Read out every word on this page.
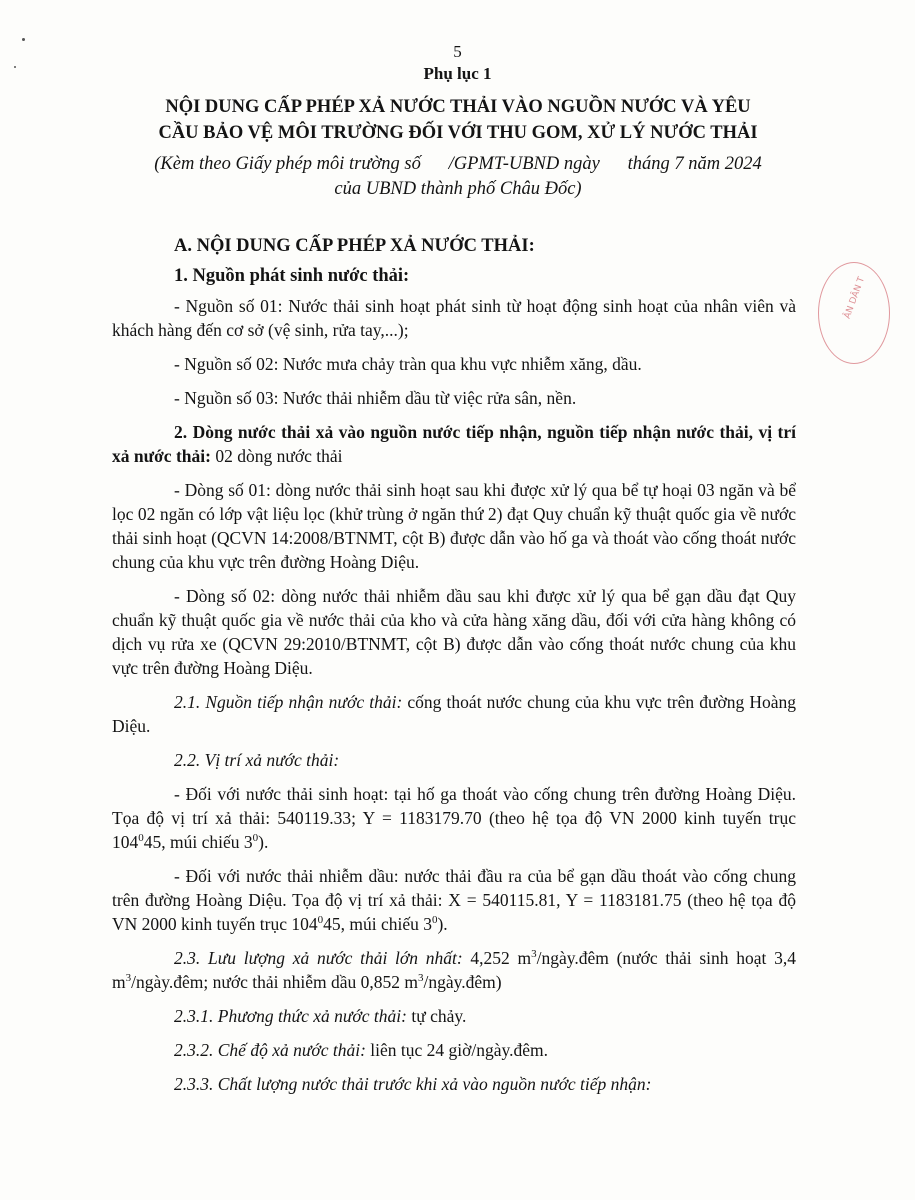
5
Phụ lục 1
NỘI DUNG CẤP PHÉP XẢ NƯỚC THẢI VÀO NGUỒN NƯỚC VÀ YÊU
CẦU BẢO VỆ MÔI TRƯỜNG ĐỐI VỚI THU GOM, XỬ LÝ NƯỚC THẢI
(Kèm theo Giấy phép môi trường số      /GPMT-UBND ngày      tháng 7 năm 2024
của UBND thành phố Châu Đốc)
ÂN DÂN T

A. NỘI DUNG CẤP PHÉP XẢ NƯỚC THẢI:

1. Nguồn phát sinh nước thải:

- Nguồn số 01: Nước thải sinh hoạt phát sinh từ hoạt động sinh hoạt của nhân viên và khách hàng đến cơ sở (vệ sinh, rửa tay,...);

- Nguồn số 02: Nước mưa chảy tràn qua khu vực nhiễm xăng, dầu.

- Nguồn số 03: Nước thải nhiễm dầu từ việc rửa sân, nền.

2. Dòng nước thải xả vào nguồn nước tiếp nhận, nguồn tiếp nhận nước thải, vị trí xả nước thải: 02 dòng nước thải

- Dòng số 01: dòng nước thải sinh hoạt sau khi được xử lý qua bể tự hoại 03 ngăn và bể lọc 02 ngăn có lớp vật liệu lọc (khử trùng ở ngăn thứ 2) đạt Quy chuẩn kỹ thuật quốc gia về nước thải sinh hoạt (QCVN 14:2008/BTNMT, cột B) được dẫn vào hố ga và thoát vào cống thoát nước chung của khu vực trên đường Hoàng Diệu.

- Dòng số 02: dòng nước thải nhiễm dầu sau khi được xử lý qua bể gạn dầu đạt Quy chuẩn kỹ thuật quốc gia về nước thải của kho và cửa hàng xăng dầu, đối với cửa hàng không có dịch vụ rửa xe (QCVN 29:2010/BTNMT, cột B) được dẫn vào cống thoát nước chung của khu vực trên đường Hoàng Diệu.

2.1. Nguồn tiếp nhận nước thải: cống thoát nước chung của khu vực trên đường Hoàng Diệu.

2.2. Vị trí xả nước thải:

- Đối với nước thải sinh hoạt: tại hố ga thoát vào cống chung trên đường Hoàng Diệu. Tọa độ vị trí xả thải: 540119.33; Y = 1183179.70 (theo hệ tọa độ VN 2000 kinh tuyến trục $104^045$, múi chiếu $3^0$).

- Đối với nước thải nhiễm dầu: nước thải đầu ra của bể gạn dầu thoát vào cống chung trên đường Hoàng Diệu. Tọa độ vị trí xả thải: X = 540115.81, Y = 1183181.75 (theo hệ tọa độ VN 2000 kinh tuyến trục $104^045$, múi chiếu $3^0$).

2.3. Lưu lượng xả nước thải lớn nhất: 4,252 $m^3/ngày.đêm$ (nước thải sinh hoạt 3,4 $m^3/ngày.đêm$; nước thải nhiễm dầu 0,852 $m^3/ngày.đêm$)

2.3.1. Phương thức xả nước thải: tự chảy.

2.3.2. Chế độ xả nước thải: liên tục 24 giờ/ngày.đêm.

2.3.3. Chất lượng nước thải trước khi xả vào nguồn nước tiếp nhận:
